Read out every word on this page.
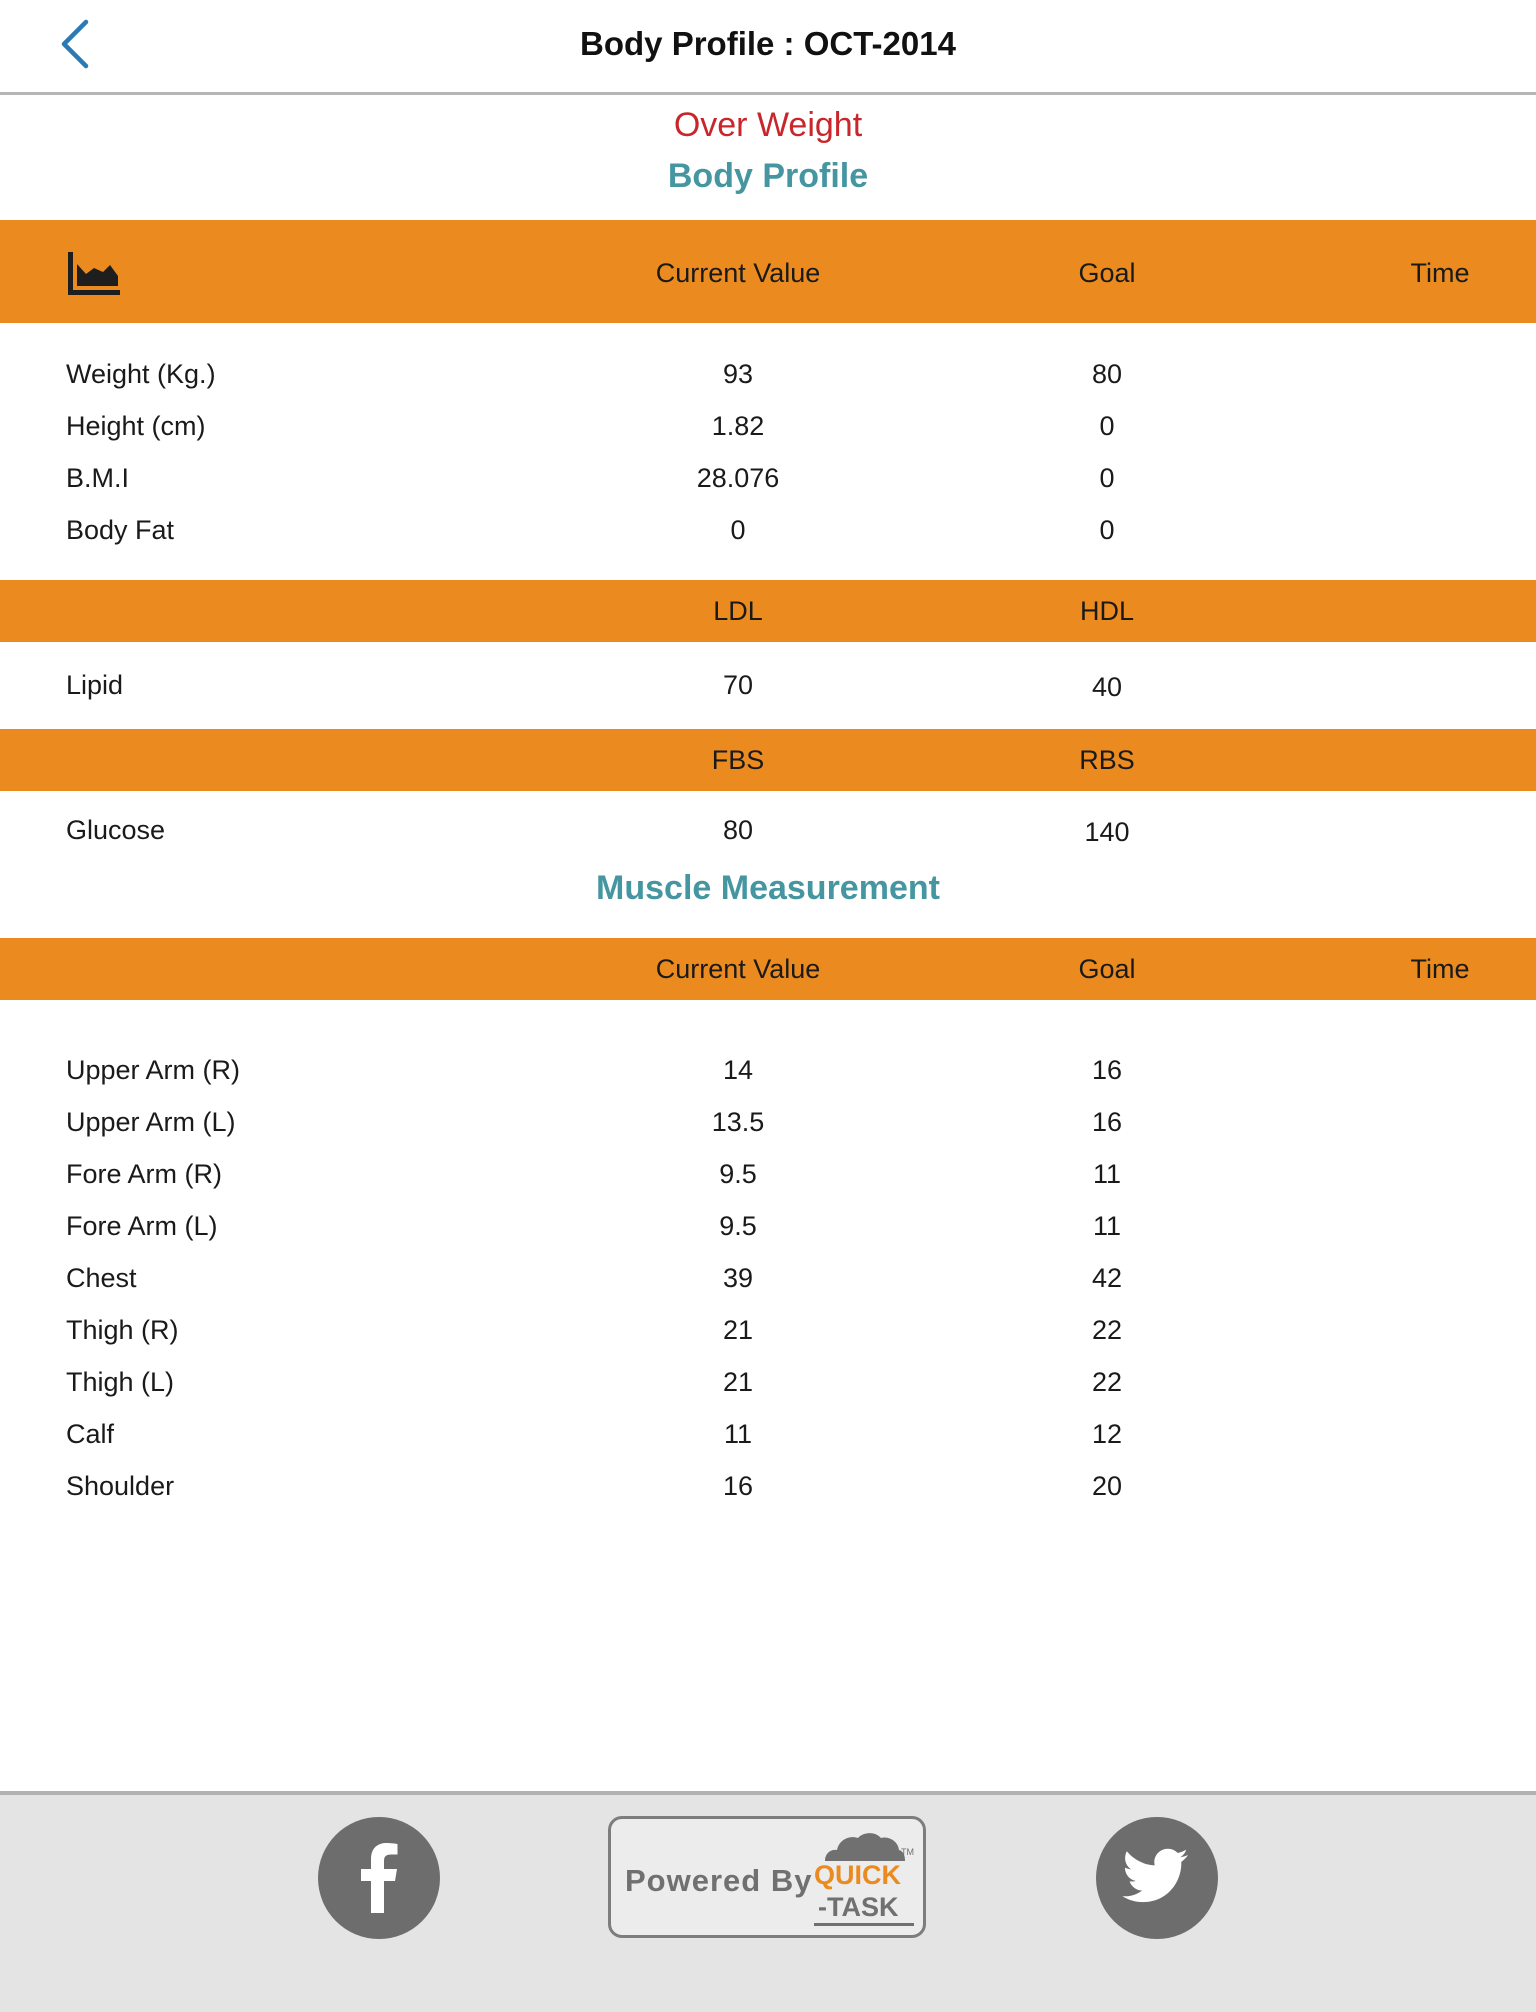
Body Profile : OCT-2014
Over Weight
Body Profile
Current Value	Goal	Time
Weight (Kg.)	93	80
Height (cm)	1.82	0
B.M.I	28.076	0
Body Fat	0	0
LDL	HDL
Lipid	70	40
FBS	RBS
Glucose	80	140
Muscle Measurement
Current Value	Goal	Time
Upper Arm (R)	14	16
Upper Arm (L)	13.5	16
Fore Arm (R)	9.5	11
Fore Arm (L)	9.5	11
Chest	39	42
Thigh (R)	21	22
Thigh (L)	21	22
Calf	11	12
Shoulder	16	20
Powered By
TM
QUICK
-TASK
